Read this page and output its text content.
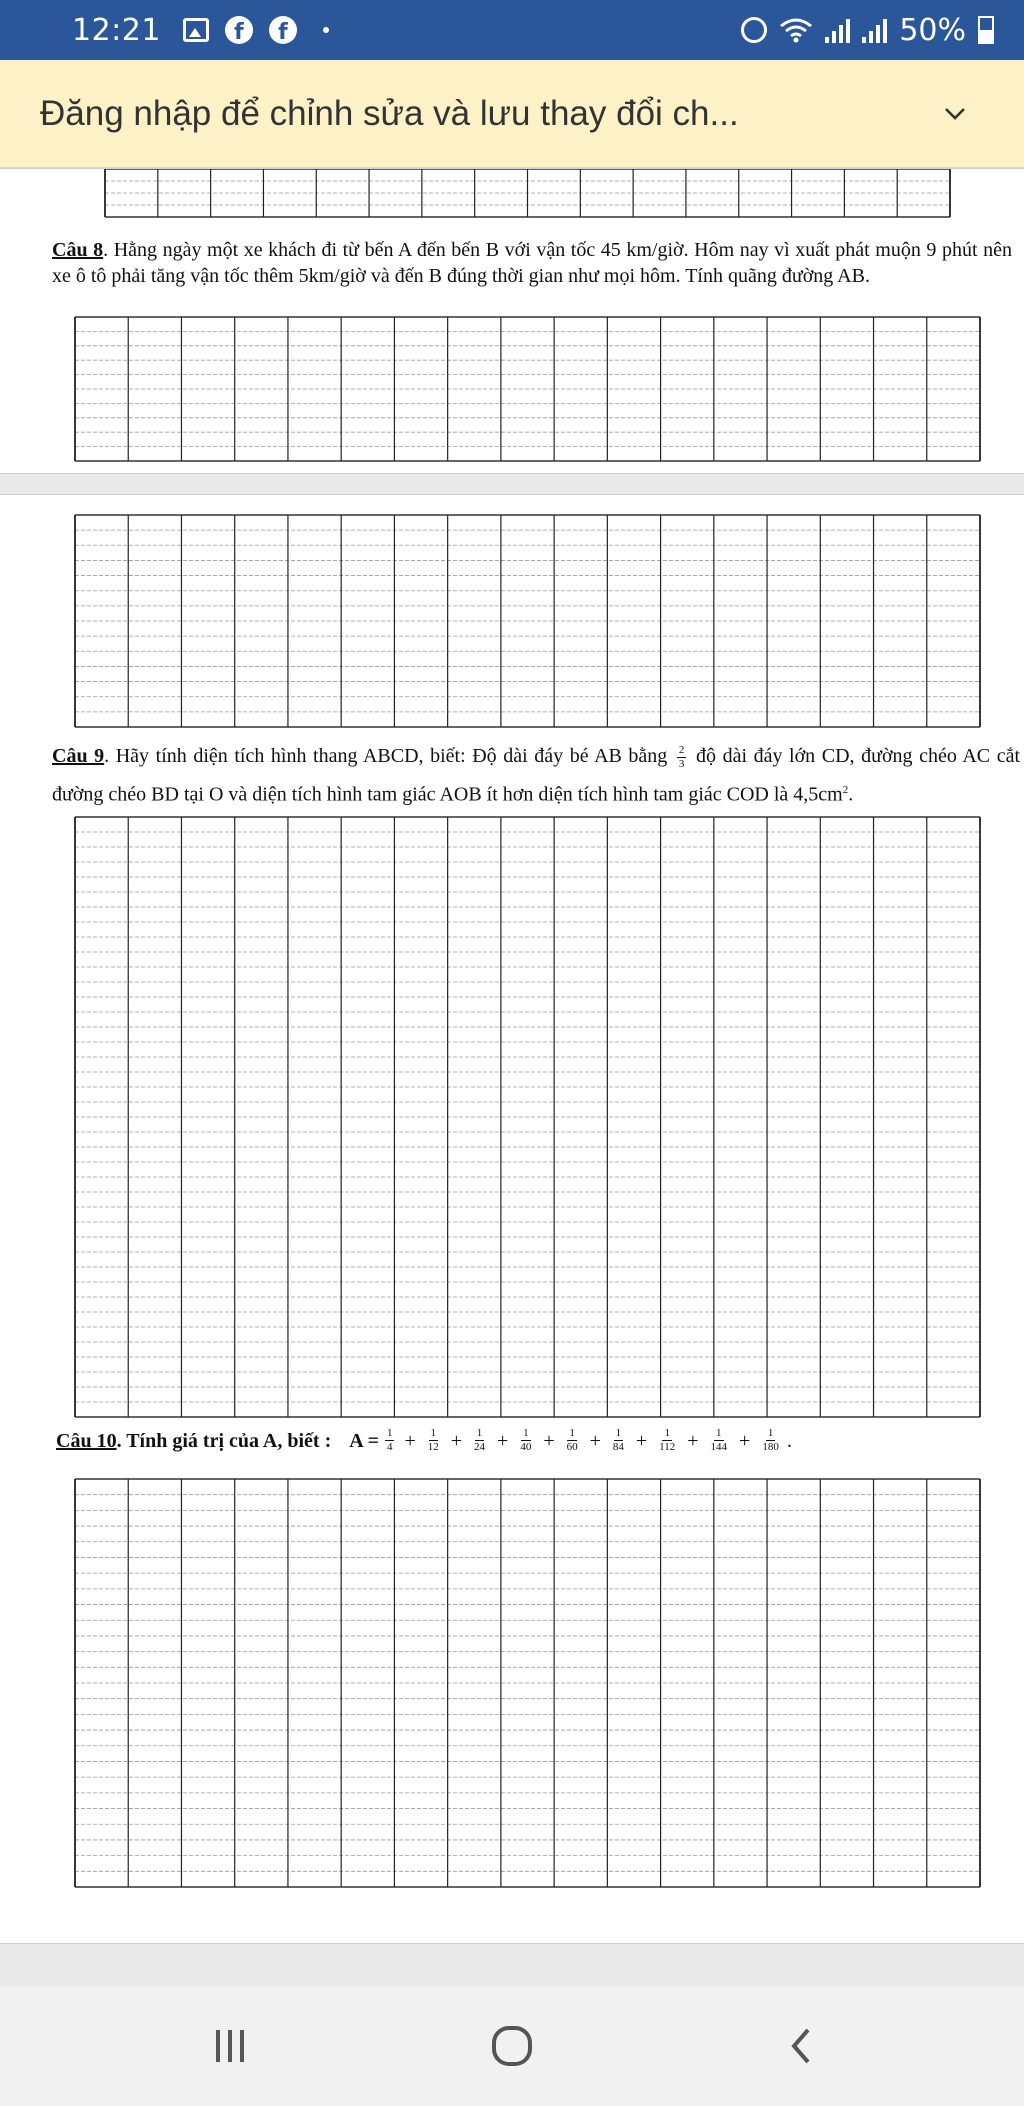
12:21	f	f	50%
Đăng nhập để chỉnh sửa và lưu thay đổi ch...
Câu 8. Hằng ngày một xe khách đi từ bến A đến bến B với vận tốc 45 km/giờ. Hôm nay vì xuất phát muộn 9 phút nên xe ô tô phải tăng vận tốc thêm 5km/giờ và đến B đúng thời gian như mọi hôm. Tính quãng đường AB.
Câu 9. Hãy tính diện tích hình thang ABCD, biết: Độ dài đáy bé AB bằng $\frac{2}{3}$ độ dài đáy lớn CD, đường chéo AC cắt đường chéo BD tại O và diện tích hình tam giác AOB ít hơn diện tích hình tam giác COD là $4,5cm^2$.
Câu 10 . Tính giá trị của A, biết : $A = \frac{1}{4} + \frac{1}{12} + \frac{1}{24} + \frac{1}{40} + \frac{1}{60} + \frac{1}{84} + \frac{1}{112} + \frac{1}{144} + \frac{1}{180}$ .
